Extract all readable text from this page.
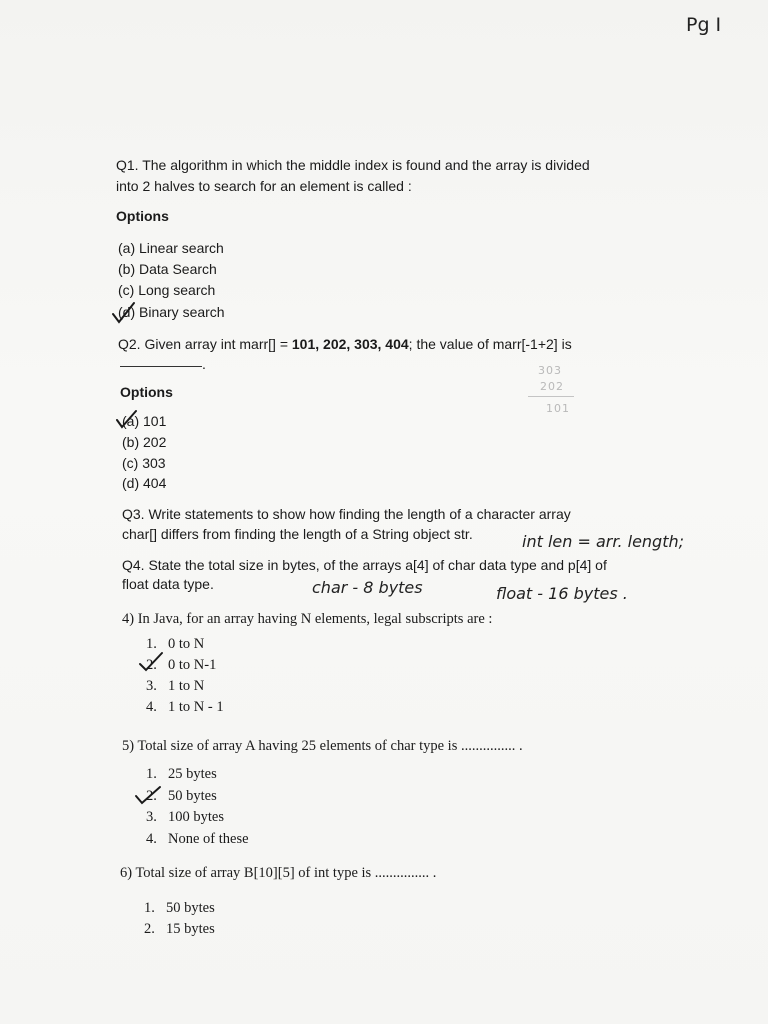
Pg I
Q1. The algorithm in which the middle index is found and the array is divided
into 2 halves to search for an element is called :
Options
(a) Linear search
(b) Data Search
(c) Long search
(d) Binary search
Q2. Given array int marr[] = 101, 202, 303, 404; the value of marr[-1+2] is
.	303
202
101
Options
(a) 101
(b) 202
(c) 303
(d) 404
Q3. Write statements to show how finding the length of a character array
char[] differs from finding the length of a String object str.	int len = arr. length;
Q4. State the total size in bytes, of the arrays a[4] of char data type and p[4] of
float data type.	char - 8 bytes	float - 16 bytes .
4) In Java, for an array having N elements, legal subscripts are :
1. 0 to N
2. 0 to N-1
3. 1 to N
4. 1 to N - 1
5) Total size of array A having 25 elements of char type is ............... .
1. 25 bytes
2. 50 bytes
3. 100 bytes
4. None of these
6) Total size of array B[10][5] of int type is ............... .
1. 50 bytes
2. 15 bytes
